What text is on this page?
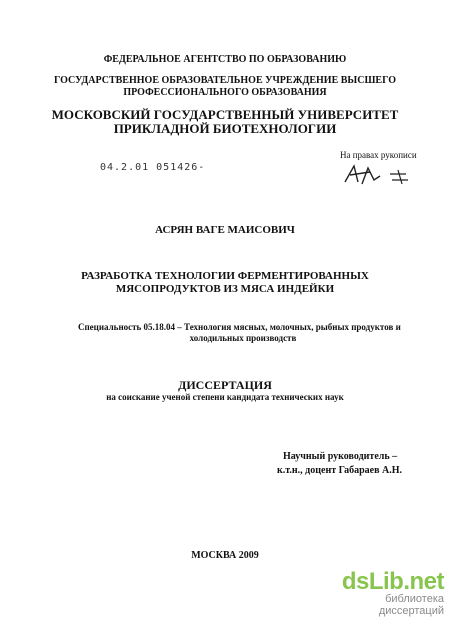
ФЕДЕРАЛЬНОЕ АГЕНТСТВО ПО ОБРАЗОВАНИЮ
ГОСУДАРСТВЕННОЕ ОБРАЗОВАТЕЛЬНОЕ УЧРЕЖДЕНИЕ ВЫСШЕГО
ПРОФЕССИОНАЛЬНОГО ОБРАЗОВАНИЯ
МОСКОВСКИЙ ГОСУДАРСТВЕННЫЙ УНИВЕРСИТЕТ
ПРИКЛАДНОЙ БИОТЕХНОЛОГИИ
04.2.01 051426-
На правах рукописи
АСРЯН ВАГЕ МАИСОВИЧ
РАЗРАБОТКА ТЕХНОЛОГИИ ФЕРМЕНТИРОВАННЫХ
МЯСОПРОДУКТОВ ИЗ МЯСА ИНДЕЙКИ
Специальность 05.18.04 – Технология мясных, молочных, рыбных продуктов и
холодильных производств
ДИССЕРТАЦИЯ
на соискание ученой степени кандидата технических наук
Научный руководитель –
к.т.н., доцент Габараев А.Н.
МОСКВА 2009
dsLib.net
библиотека диссертаций
